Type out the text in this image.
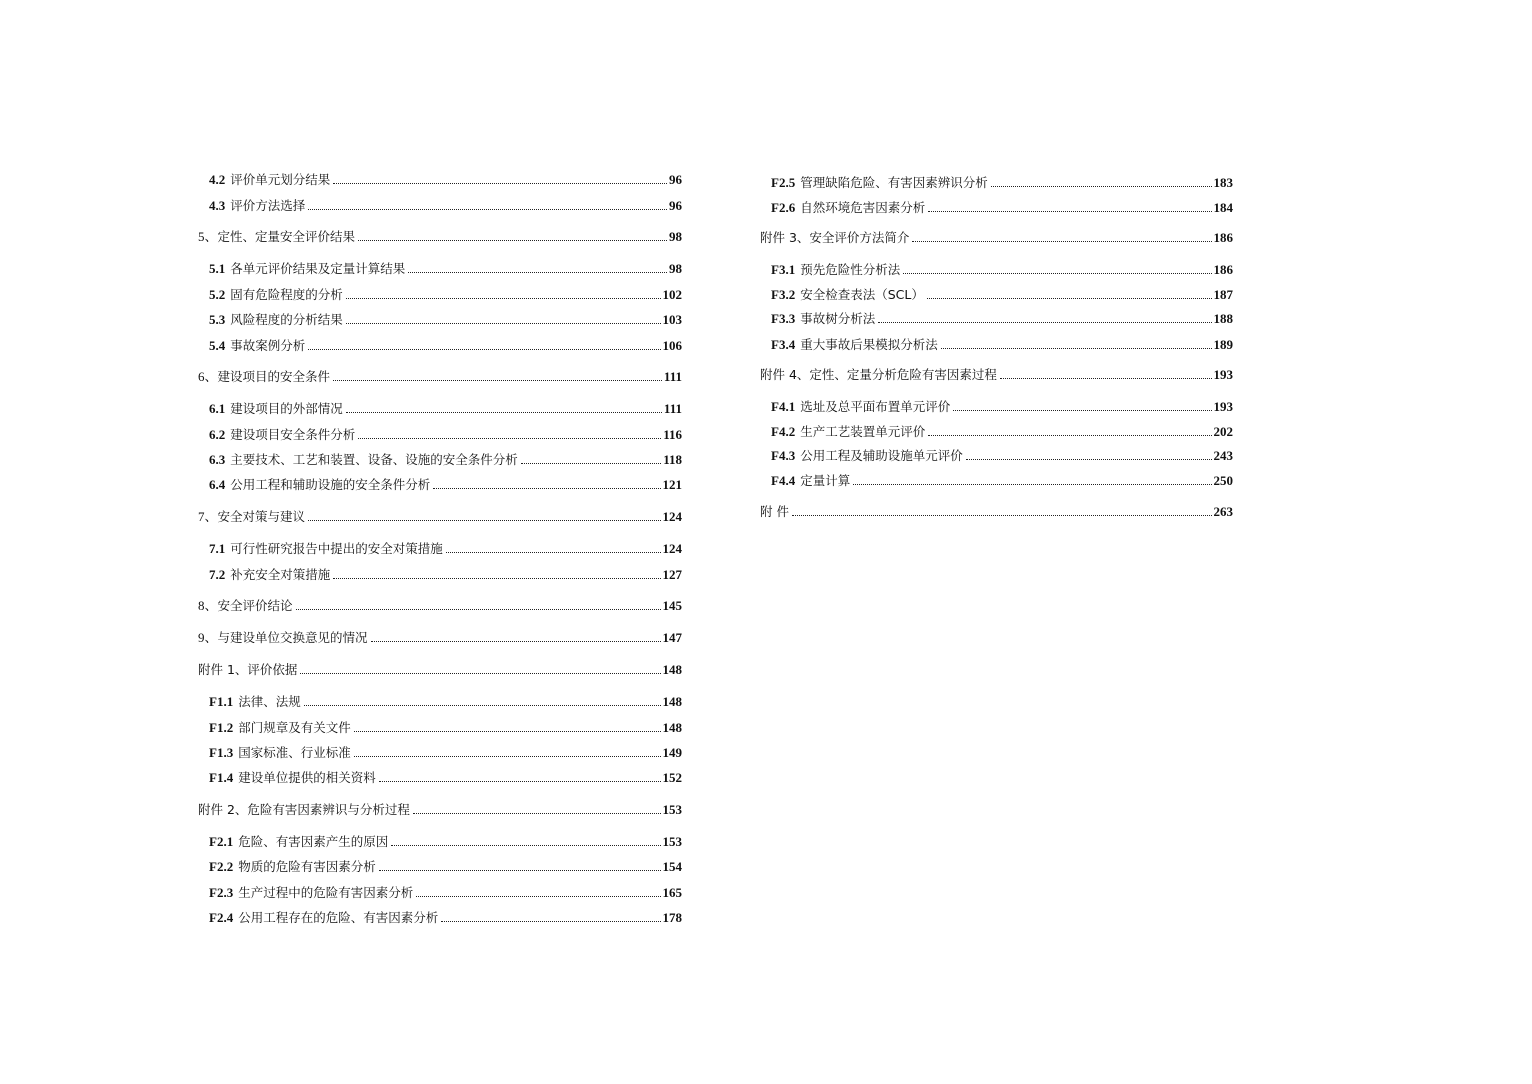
4.2 评价单元划分结果	96
4.3 评价方法选择	96
5、 定性、定量安全评价结果	98
5.1 各单元评价结果及定量计算结果	98
5.2 固有危险程度的分析	102
5.3 风险程度的分析结果	103
5.4 事故案例分析	106
6、 建设项目的安全条件	111
6.1 建设项目的外部情况	111
6.2 建设项目安全条件分析	116
6.3 主要技术、工艺和装置、设备、设施的安全条件分析	118
6.4 公用工程和辅助设施的安全条件分析	121
7、 安全对策与建议	124
7.1 可行性研究报告中提出的安全对策措施	124
7.2 补充安全对策措施	127
8、 安全评价结论	145
9、 与建设单位交换意见的情况	147
附件 1、评价依据	148
F1.1 法律、法规	148
F1.2 部门规章及有关文件	148
F1.3 国家标准、行业标准	149
F1.4 建设单位提供的相关资料	152
附件 2、危险有害因素辨识与分析过程	153
F2.1 危险、有害因素产生的原因	153
F2.2 物质的危险有害因素分析	154
F2.3 生产过程中的危险有害因素分析	165
F2.4 公用工程存在的危险、有害因素分析	178
F2.5 管理缺陷危险、有害因素辨识分析	183
F2.6 自然环境危害因素分析	184
附件 3、安全评价方法简介	186
F3.1 预先危险性分析法	186
F3.2 安全检查表法（SCL）	187
F3.3 事故树分析法	188
F3.4 重大事故后果模拟分析法	189
附件 4、定性、定量分析危险有害因素过程	193
F4.1 选址及总平面布置单元评价	193
F4.2 生产工艺装置单元评价	202
F4.3 公用工程及辅助设施单元评价	243
F4.4 定量计算	250
附 件	263
